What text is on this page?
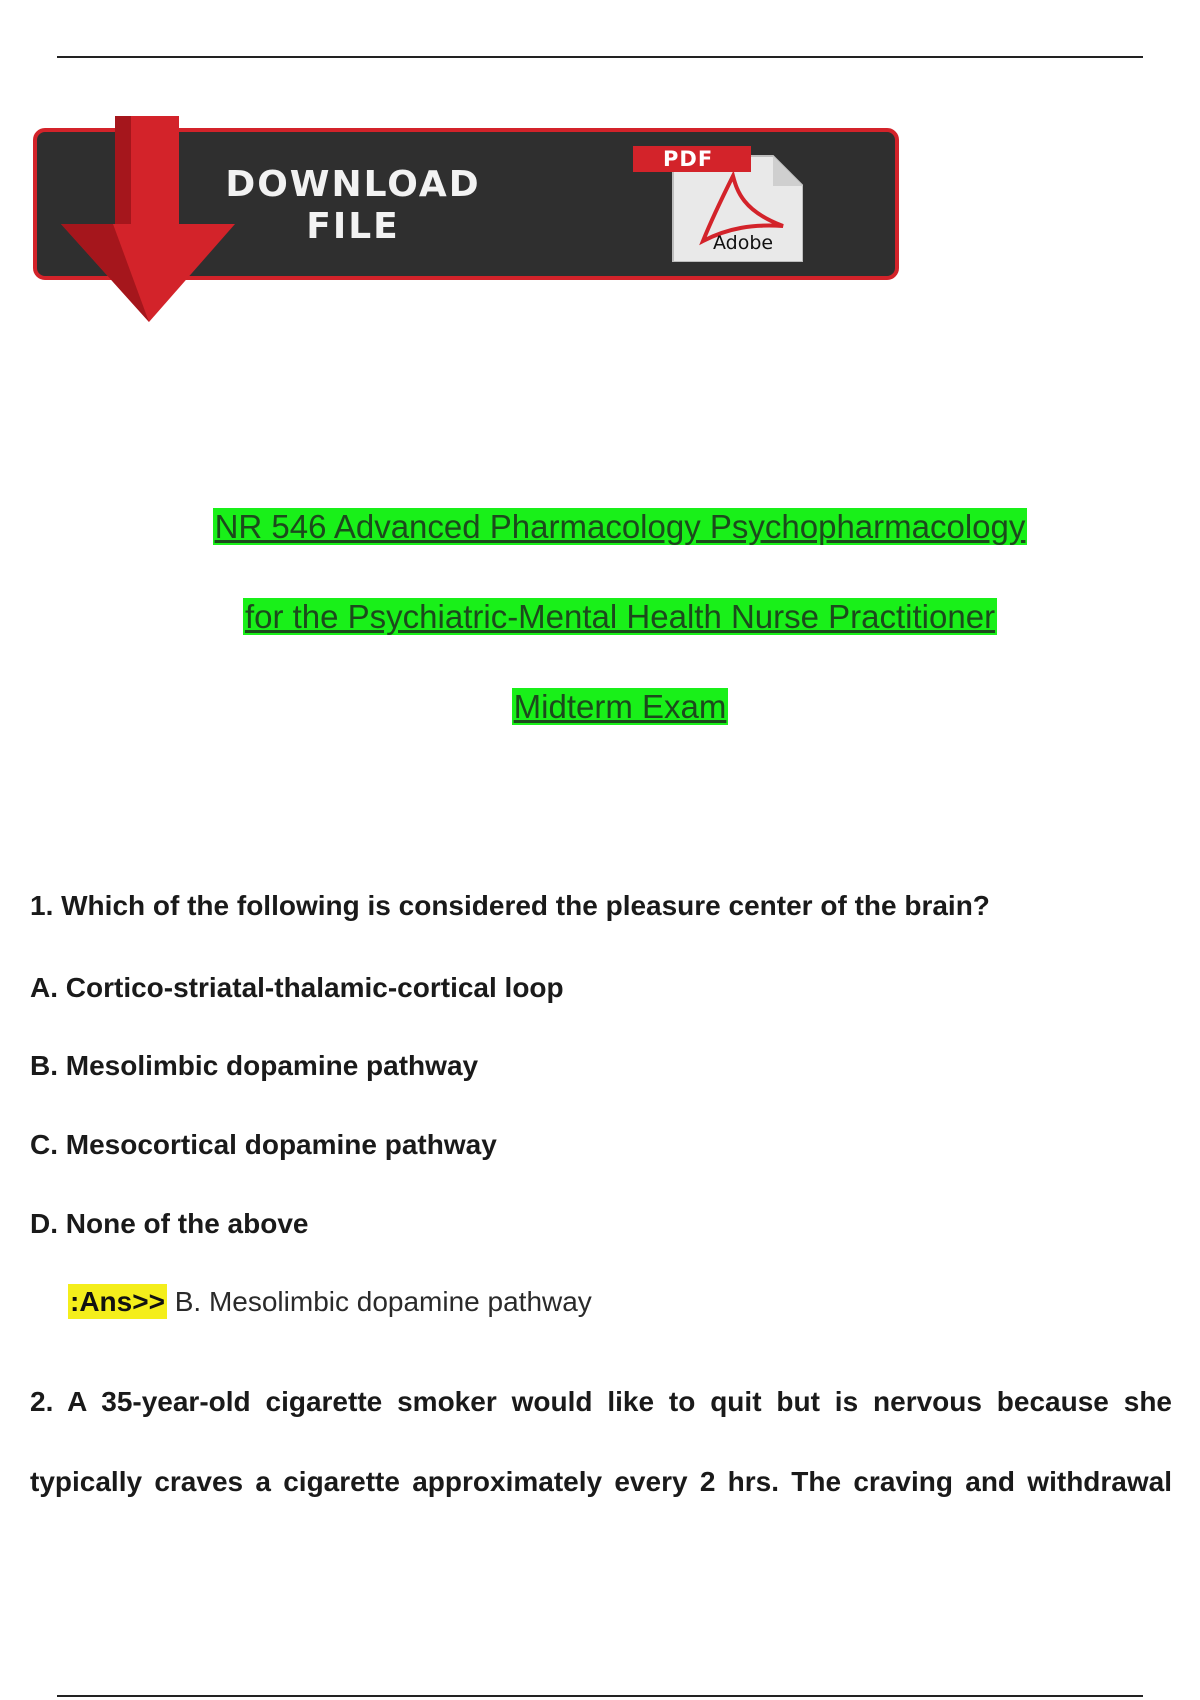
DOWNLOAD
FILE
PDF
Adobe
NR 546 Advanced Pharmacology Psychopharmacology
for the Psychiatric-Mental Health Nurse Practitioner
Midterm Exam
1. Which of the following is considered the pleasure center of the brain?
A. Cortico-striatal-thalamic-cortical loop
B. Mesolimbic dopamine pathway
C. Mesocortical dopamine pathway
D. None of the above
:Ans>> B. Mesolimbic dopamine pathway
2. A 35-year-old cigarette smoker would like to quit but is nervous because she
typically craves a cigarette approximately every 2 hrs. The craving and withdrawal
